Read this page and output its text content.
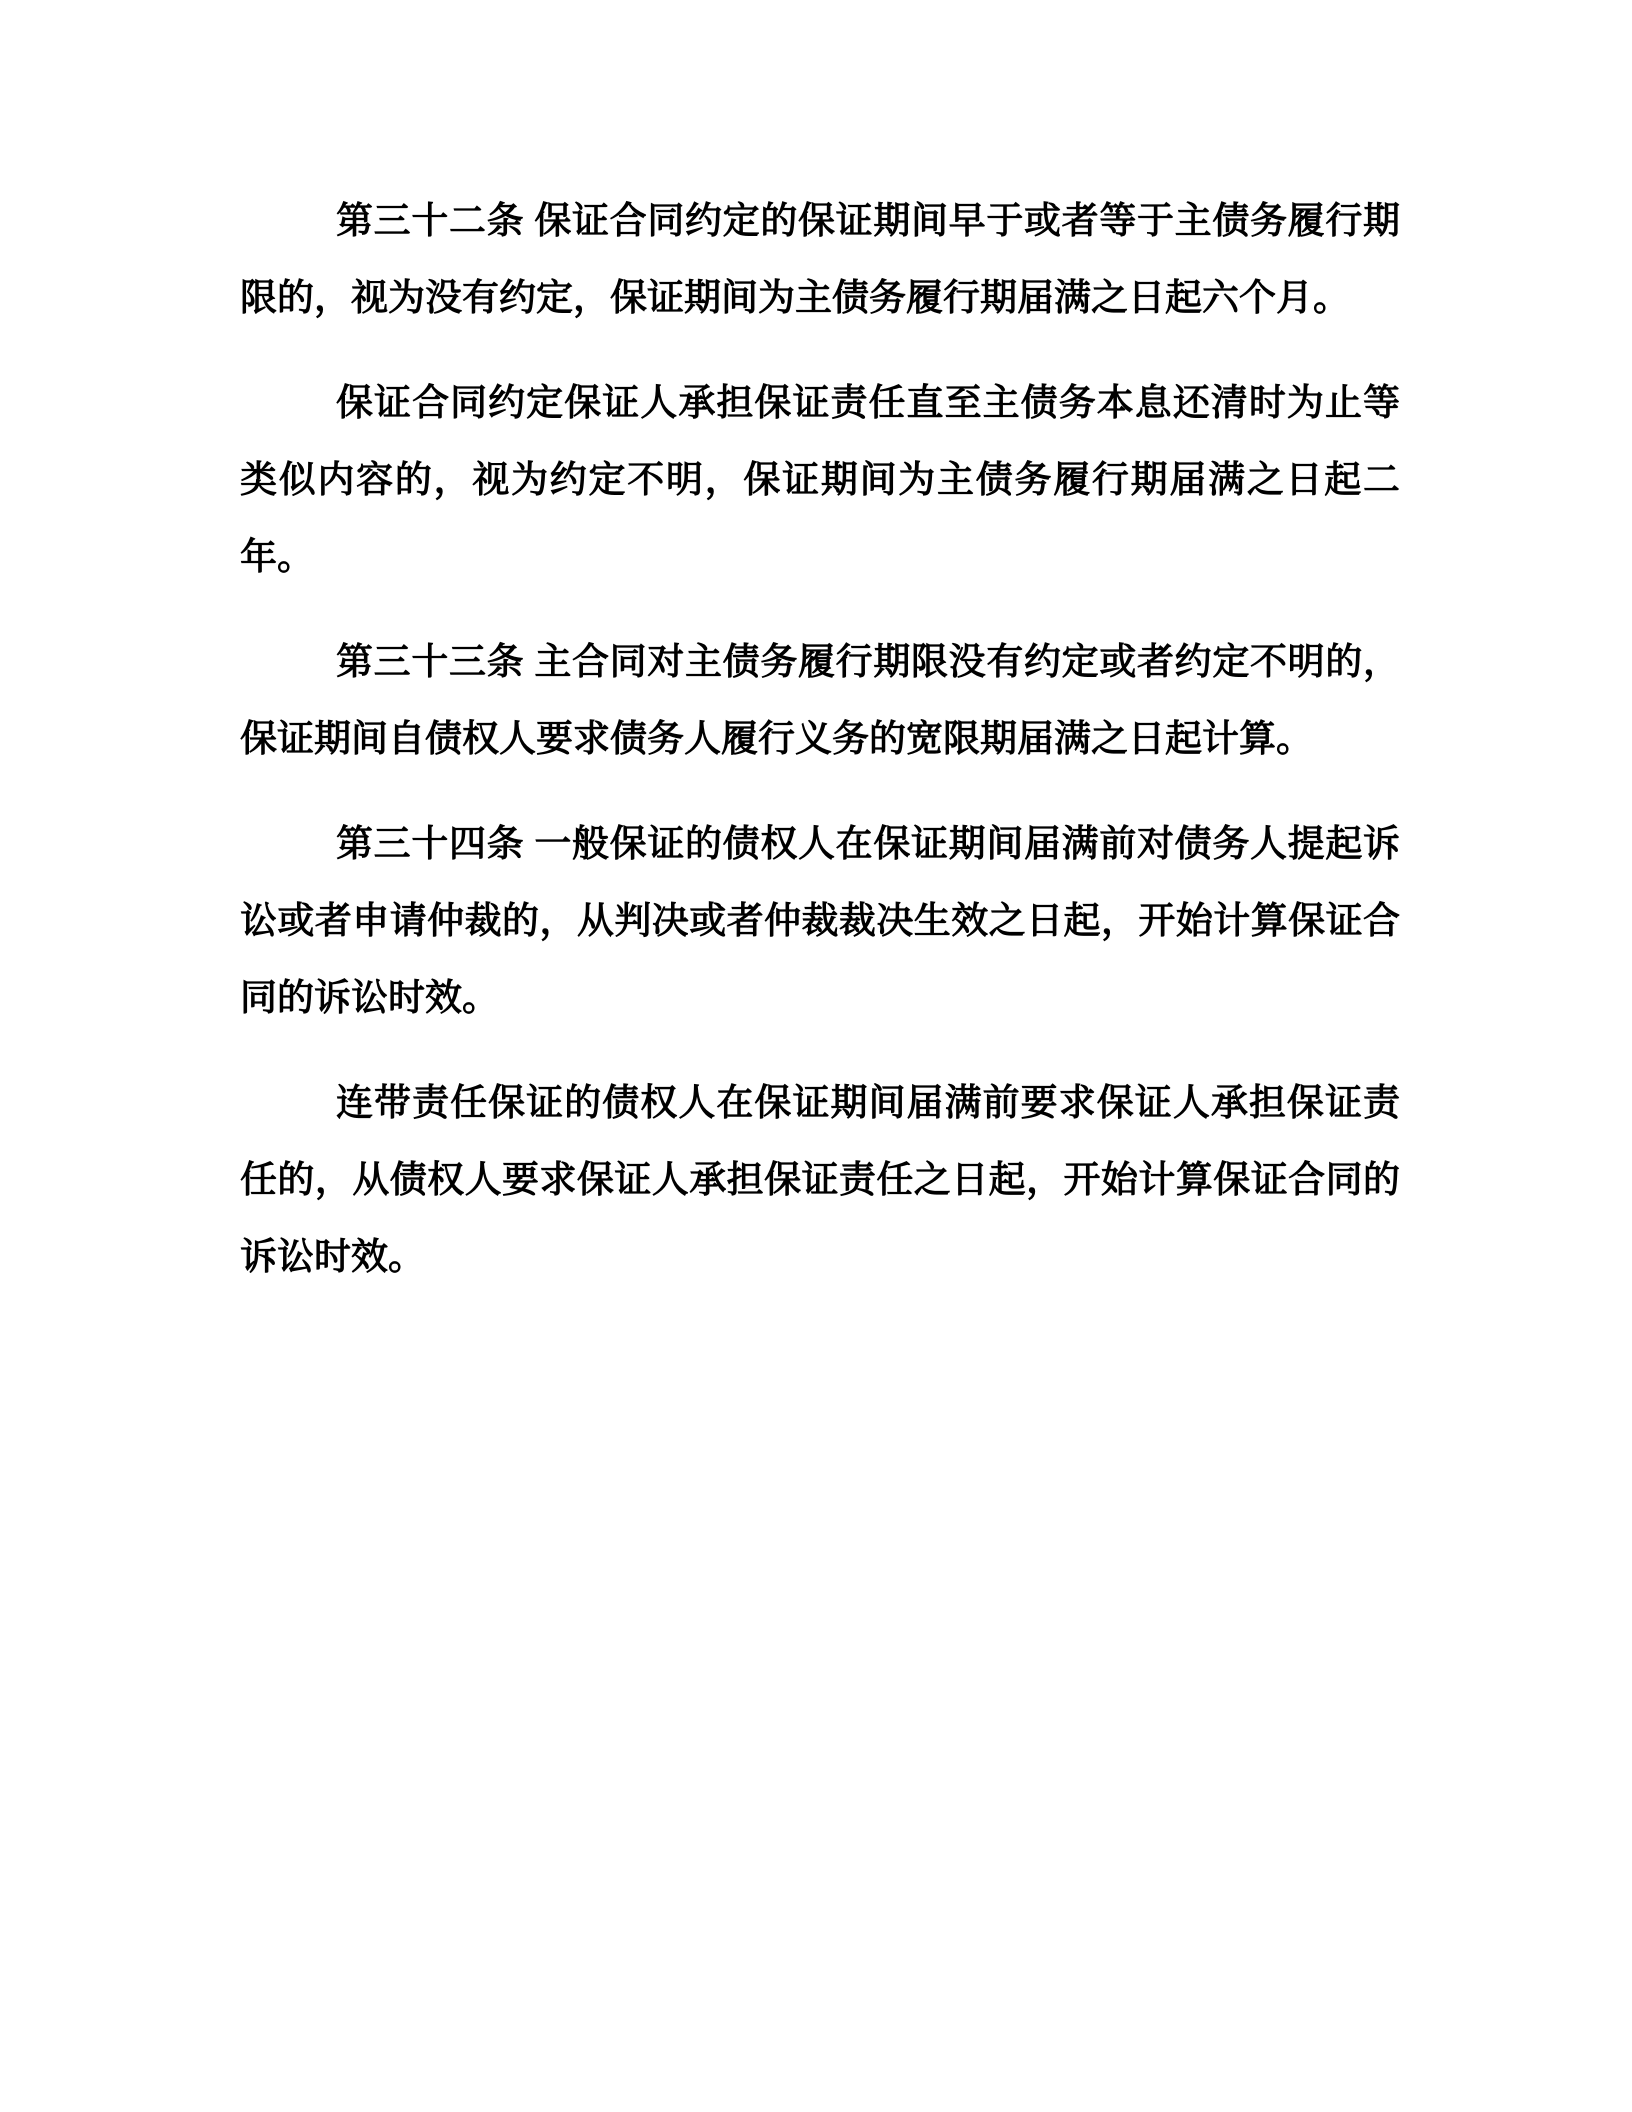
第三十二条 保证合同约定的保证期间早于或者等于主债务履行期限的，视为没有约定，保证期间为主债务履行期届满之日起六个月。

保证合同约定保证人承担保证责任直至主债务本息还清时为止等类似内容的，视为约定不明，保证期间为主债务履行期届满之日起二年。

第三十三条 主合同对主债务履行期限没有约定或者约定不明的，保证期间自债权人要求债务人履行义务的宽限期届满之日起计算。

第三十四条 一般保证的债权人在保证期间届满前对债务人提起诉讼或者申请仲裁的，从判决或者仲裁裁决生效之日起，开始计算保证合同的诉讼时效。

连带责任保证的债权人在保证期间届满前要求保证人承担保证责任的，从债权人要求保证人承担保证责任之日起，开始计算保证合同的诉讼时效。
